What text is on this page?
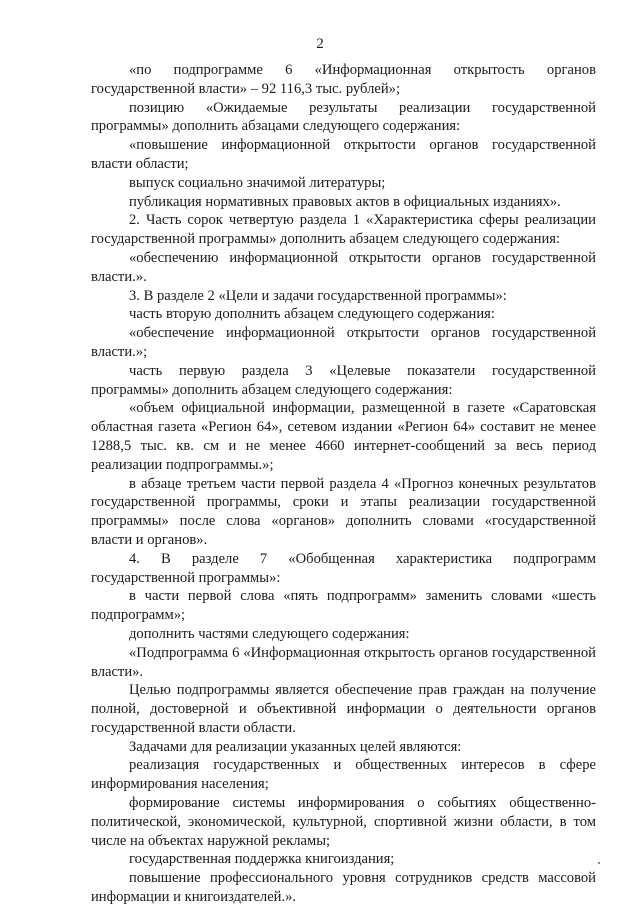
2

«по подпрограмме 6 «Информационная открытость органов государственной власти» – 92 116,3 тыс. рублей»;

позицию «Ожидаемые результаты реализации государственной программы» дополнить абзацами следующего содержания:

«повышение информационной открытости органов государственной власти области;

выпуск социально значимой литературы;

публикация нормативных правовых актов в официальных изданиях».

2. Часть сорок четвертую раздела 1 «Характеристика сферы реализации государственной программы» дополнить абзацем следующего содержания:

«обеспечению информационной открытости органов государственной власти.».

3. В разделе 2 «Цели и задачи государственной программы»:

часть вторую дополнить абзацем следующего содержания:

«обеспечение информационной открытости органов государственной власти.»;

часть первую раздела 3 «Целевые показатели государственной программы» дополнить абзацем следующего содержания:

«объем официальной информации, размещенной в газете «Саратовская областная газета «Регион 64», сетевом издании «Регион 64» составит не менее 1288,5 тыс. кв. см и не менее 4660 интернет-сообщений за весь период реализации подпрограммы.»;

в абзаце третьем части первой раздела 4 «Прогноз конечных результатов государственной программы, сроки и этапы реализации государственной программы» после слова «органов» дополнить словами «государственной власти и органов».

4. В разделе 7 «Обобщенная характеристика подпрограмм государственной программы»:

в части первой слова «пять подпрограмм» заменить словами «шесть подпрограмм»;

дополнить частями следующего содержания:

«Подпрограмма 6 «Информационная открытость органов государственной власти».

Целью подпрограммы является обеспечение прав граждан на получение полной, достоверной и объективной информации о деятельности органов государственной власти области.

Задачами для реализации указанных целей являются:

реализация государственных и общественных интересов в сфере информирования населения;

формирование системы информирования о событиях общественно-политической, экономической, культурной, спортивной жизни области, в том числе на объектах наружной рекламы;

государственная поддержка книгоиздания;

повышение профессионального уровня сотрудников средств массовой информации и книгоиздателей.».
